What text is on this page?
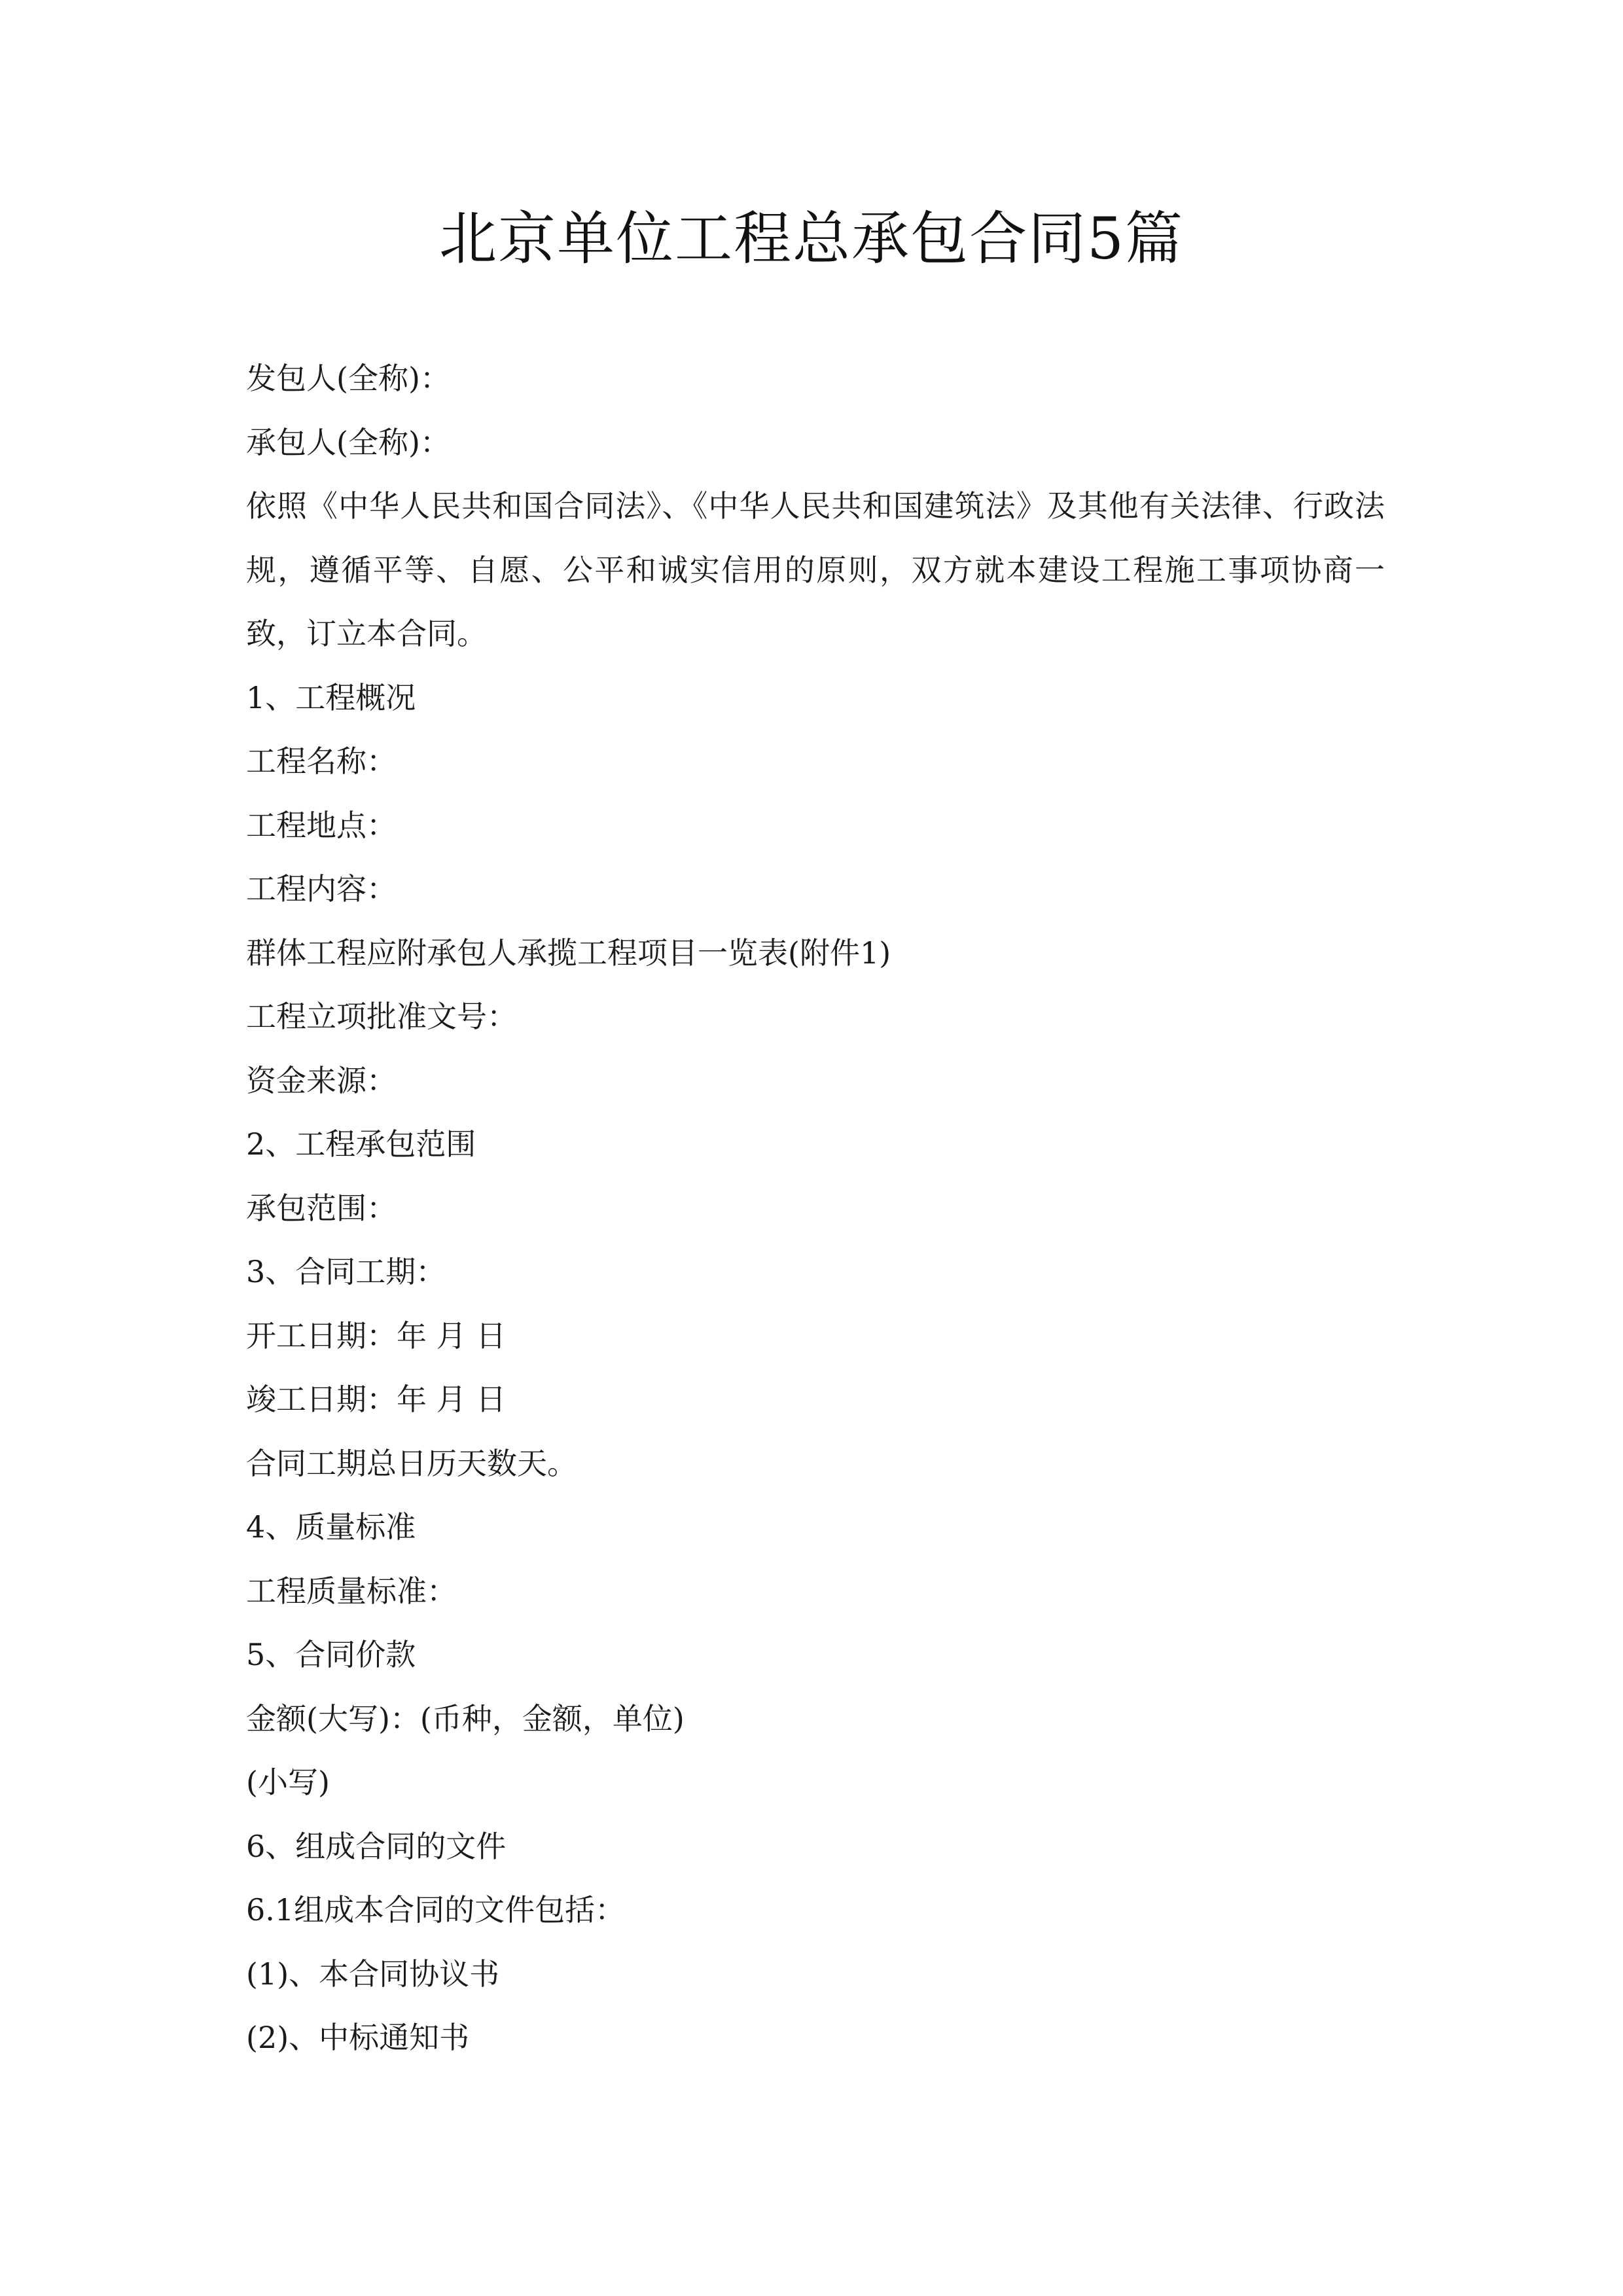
北京单位工程总承包合同5篇
发包人(全称)：
承包人(全称)：
依照《中华人民共和国合同法》、《中华人民共和国建筑法》及其他有关法律、行政法规，遵循平等、自愿、公平和诚实信用的原则，双方就本建设工程施工事项协商一致，订立本合同。
1、工程概况
工程名称：
工程地点：
工程内容：
群体工程应附承包人承揽工程项目一览表(附件1)
工程立项批准文号：
资金来源：
2、工程承包范围
承包范围：
3、合同工期：
开工日期：年 月 日
竣工日期：年 月 日
合同工期总日历天数天。
4、质量标准
工程质量标准：
5、合同价款
金额(大写)：(币种，金额，单位)
(小写)
6、组成合同的文件
6.1组成本合同的文件包括：
(1)、本合同协议书
(2)、中标通知书
